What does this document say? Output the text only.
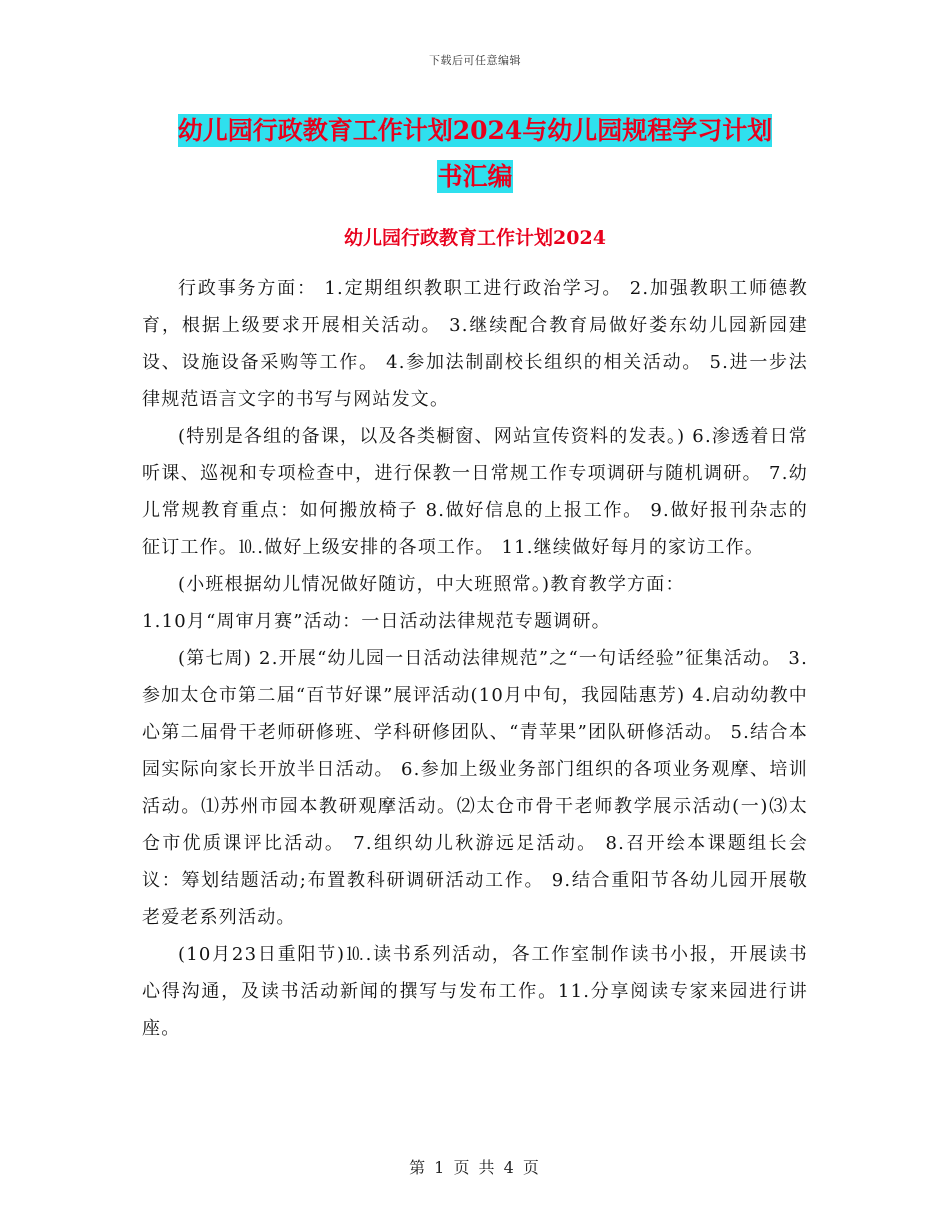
下载后可任意编辑
幼儿园行政教育工作计划2024与幼儿园规程学习计划
书汇编
幼儿园行政教育工作计划2024

行政事务方面： 1.定期组织教职工进行政治学习。 2.加强教职工师德教育，根据上级要求开展相关活动。 3.继续配合教育局做好娄东幼儿园新园建设、设施设备采购等工作。 4.参加法制副校长组织的相关活动。 5.进一步法律规范语言文字的书写与网站发文。

(特别是各组的备课，以及各类橱窗、网站宣传资料的发表。) 6.渗透着日常听课、巡视和专项检查中，进行保教一日常规工作专项调研与随机调研。 7.幼儿常规教育重点：如何搬放椅子 8.做好信息的上报工作。 9.做好报刊杂志的征订工作。⒑.做好上级安排的各项工作。 11.继续做好每月的家访工作。

(小班根据幼儿情况做好随访，中大班照常。)教育教学方面：

1.10月“周审月赛”活动：一日活动法律规范专题调研。

(第七周) 2.开展“幼儿园一日活动法律规范”之“一句话经验”征集活动。 3.参加太仓市第二届“百节好课”展评活动(10月中旬，我园陆惠芳) 4.启动幼教中心第二届骨干老师研修班、学科研修团队、“青苹果”团队研修活动。 5.结合本园实际向家长开放半日活动。 6.参加上级业务部门组织的各项业务观摩、培训活动。⑴苏州市园本教研观摩活动。⑵太仓市骨干老师教学展示活动(一)⑶太仓市优质课评比活动。 7.组织幼儿秋游远足活动。 8.召开绘本课题组长会议：筹划结题活动;布置教科研调研活动工作。 9.结合重阳节各幼儿园开展敬老爱老系列活动。

(10月23日重阳节)⒑.读书系列活动，各工作室制作读书小报，开展读书心得沟通，及读书活动新闻的撰写与发布工作。11.分享阅读专家来园进行讲座。

第 1 页 共 4 页
